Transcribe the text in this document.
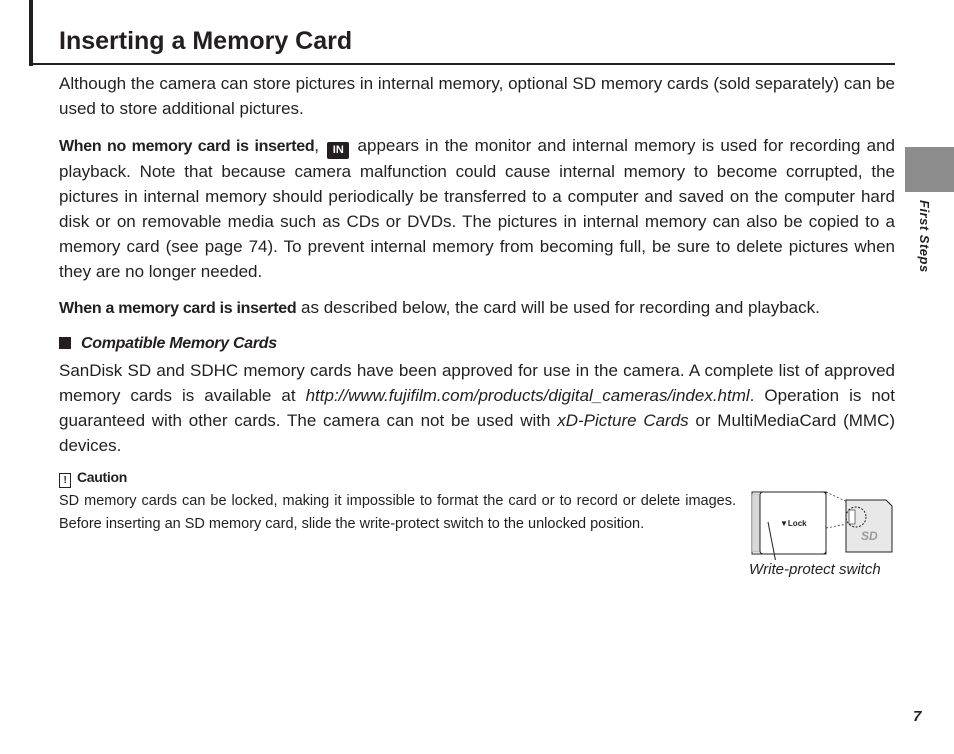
Inserting a Memory Card

Although the camera can store pictures in internal memory, optional SD memory cards (sold separately) can be used to store additional pictures.

When no memory card is inserted, IN appears in the monitor and internal memory is used for recording and playback. Note that because camera malfunction could cause internal memory to become corrupted, the pictures in internal memory should periodically be transferred to a computer and saved on the computer hard disk or on removable media such as CDs or DVDs. The pictures in internal memory can also be copied to a memory card (see page 74). To prevent internal memory from becoming full, be sure to delete pictures when they are no longer needed.

When a memory card is inserted as described below, the card will be used for recording and playback.

Compatible Memory Cards

SanDisk SD and SDHC memory cards have been approved for use in the camera. A complete list of approved memory cards is available at http://www.fujifilm.com/products/digital_cameras/index.html. Operation is not guaranteed with other cards. The camera can not be used with xD-Picture Cards or MultiMediaCard (MMC) devices.

! Caution

SD memory cards can be locked, making it impossible to format the card or to record or delete images. Before inserting an SD memory card, slide the write-protect switch to the unlocked position.	▼Lock
SD
Write-protect switch
First Steps
7
